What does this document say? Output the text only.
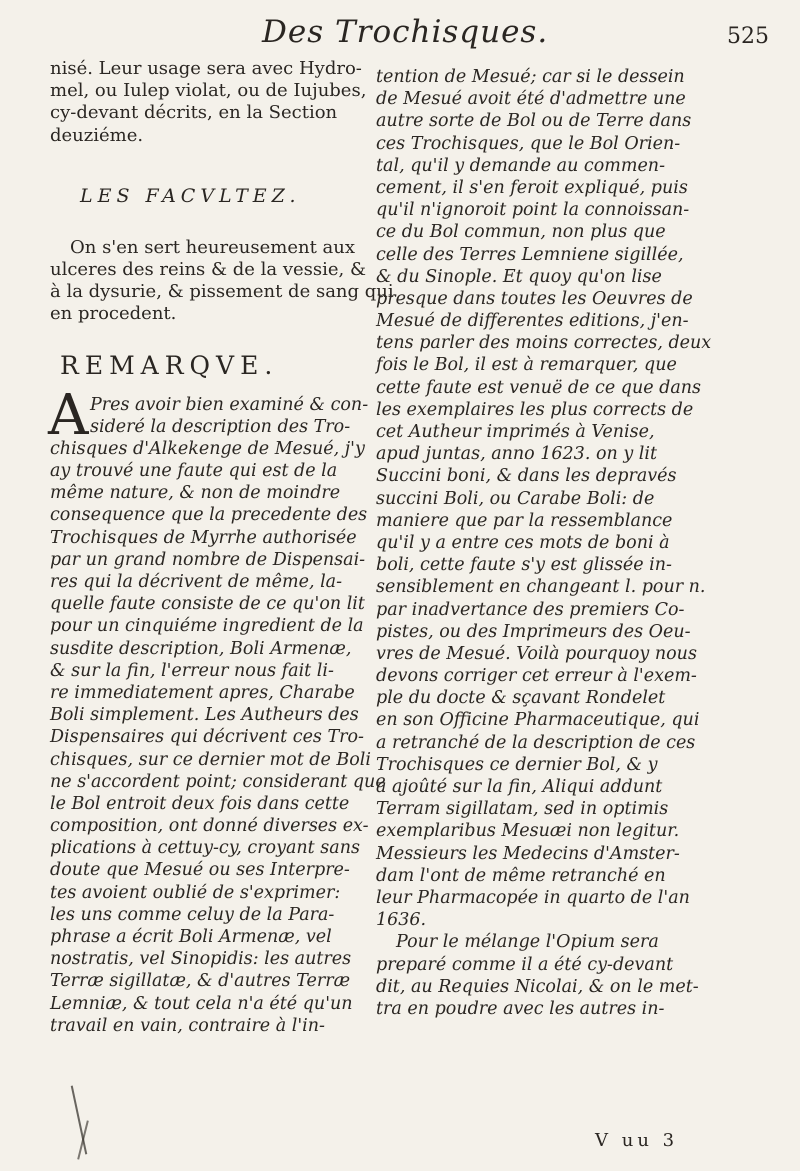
Des Trochisques.	525
nisé. Leur usage sera avec Hydro-
mel, ou Iulep violat, ou de Iujubes,
cy-devant décrits, en la Section
deuziéme.
LES FACVLTEZ.
On s'en sert heureusement aux
ulceres des reins & de la vessie, &
à la dysurie, & pissement de sang qui
en procedent.
REMARQVE.
A Pres avoir bien examiné & con-
sideré la description des Tro-
chisques d'Alkekenge de Mesué, j'y
ay trouvé une faute qui est de la
même nature, & non de moindre
consequence que la precedente des
Trochisques de Myrrhe authorisée
par un grand nombre de Dispensai-
res qui la décrivent de même, la-
quelle faute consiste de ce qu'on lit
pour un cinquiéme ingredient de la
susdite description, Boli Armenæ,
& sur la fin, l'erreur nous fait li-
re immediatement apres, Charabe
Boli simplement. Les Autheurs des
Dispensaires qui décrivent ces Tro-
chisques, sur ce dernier mot de Boli
ne s'accordent point; considerant que
le Bol entroit deux fois dans cette
composition, ont donné diverses ex-
plications à cettuy-cy, croyant sans
doute que Mesué ou ses Interpre-
tes avoient oublié de s'exprimer:
les uns comme celuy de la Para-
phrase a écrit Boli Armenæ, vel
nostratis, vel Sinopidis: les autres
Terræ sigillatæ, & d'autres Terræ
Lemniæ, & tout cela n'a été qu'un
travail en vain, contraire à l'in-
tention de Mesué; car si le dessein
de Mesué avoit été d'admettre une
autre sorte de Bol ou de Terre dans
ces Trochisques, que le Bol Orien-
tal, qu'il y demande au commen-
cement, il s'en feroit expliqué, puis
qu'il n'ignoroit point la connoissan-
ce du Bol commun, non plus que
celle des Terres Lemniene sigillée,
& du Sinople. Et quoy qu'on lise
presque dans toutes les Oeuvres de
Mesué de differentes editions, j'en-
tens parler des moins correctes, deux
fois le Bol, il est à remarquer, que
cette faute est venuë de ce que dans
les exemplaires les plus corrects de
cet Autheur imprimés à Venise,
apud juntas, anno 1623. on y lit
Succini boni, & dans les depravés
succini Boli, ou Carabe Boli: de
maniere que par la ressemblance
qu'il y a entre ces mots de boni à
boli, cette faute s'y est glissée in-
sensiblement en changeant l. pour n.
par inadvertance des premiers Co-
pistes, ou des Imprimeurs des Oeu-
vres de Mesué. Voilà pourquoy nous
devons corriger cet erreur à l'exem-
ple du docte & sçavant Rondelet
en son Officine Pharmaceutique, qui
a retranché de la description de ces
Trochisques ce dernier Bol, & y
a ajoûté sur la fin, Aliqui addunt
Terram sigillatam, sed in optimis
exemplaribus Mesuæi non legitur.
Messieurs les Medecins d'Amster-
dam l'ont de même retranché en
leur Pharmacopée in quarto de l'an
1636.
Pour le mélange l'Opium sera
preparé comme il a été cy-devant
dit, au Requies Nicolai, & on le met-
tra en poudre avec les autres in-
V uu 3
